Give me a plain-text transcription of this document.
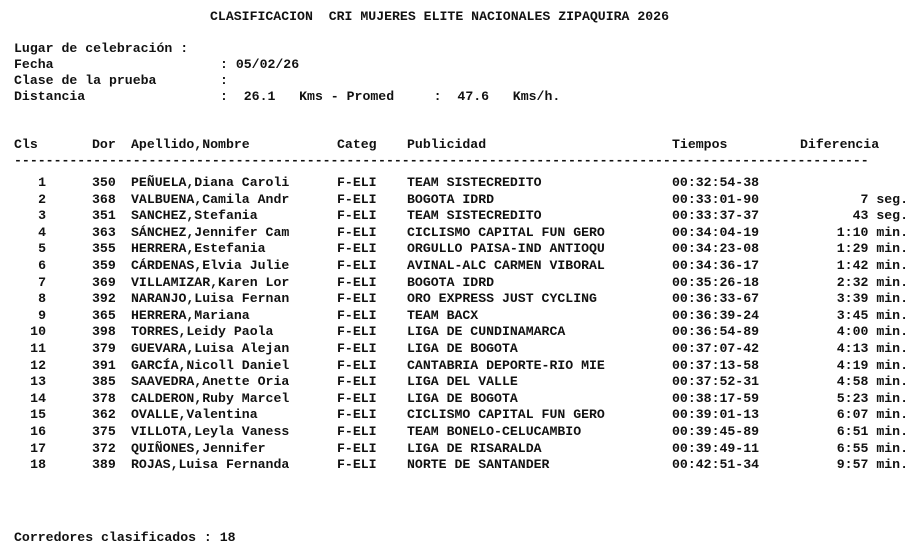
CLASIFICACION  CRI MUJERES ELITE NACIONALES ZIPAQUIRA 2026
Lugar de celebración :
Fecha	: 05/02/26
Clase de la prueba	:
Distancia	:  26.1   Kms - Promed     :  47.6   Kms/h.
Cls	Dor Apellido,Nombre	Categ Publicidad	Tiempos	Diferencia
------------------------------------------------------------------------------------------------------------
1	350 PEÑUELA,Diana Caroli	F-ELI TEAM SISTECREDITO	00:32:54-38
2	368 VALBUENA,Camila Andr	F-ELI BOGOTA IDRD	00:33:01-90	7 seg.
3	351 SANCHEZ,Stefania	F-ELI TEAM SISTECREDITO	00:33:37-37	43 seg.
4	363 SÁNCHEZ,Jennifer Cam	F-ELI CICLISMO CAPITAL FUN GERO	00:34:04-19	1:10 min.
5	355 HERRERA,Estefania	F-ELI ORGULLO PAISA-IND ANTIOQU	00:34:23-08	1:29 min.
6	359 CÁRDENAS,Elvia Julie	F-ELI AVINAL-ALC CARMEN VIBORAL	00:34:36-17	1:42 min.
7	369 VILLAMIZAR,Karen Lor	F-ELI BOGOTA IDRD	00:35:26-18	2:32 min.
8	392 NARANJO,Luisa Fernan	F-ELI ORO EXPRESS JUST CYCLING	00:36:33-67	3:39 min.
9	365 HERRERA,Mariana	F-ELI TEAM BACX	00:36:39-24	3:45 min.
10	398 TORRES,Leidy Paola	F-ELI LIGA DE CUNDINAMARCA	00:36:54-89	4:00 min.
11	379 GUEVARA,Luisa Alejan	F-ELI LIGA DE BOGOTA	00:37:07-42	4:13 min.
12	391 GARCÍA,Nicoll Daniel	F-ELI CANTABRIA DEPORTE-RIO MIE	00:37:13-58	4:19 min.
13	385 SAAVEDRA,Anette Oria	F-ELI LIGA DEL VALLE	00:37:52-31	4:58 min.
14	378 CALDERON,Ruby Marcel	F-ELI LIGA DE BOGOTA	00:38:17-59	5:23 min.
15	362 OVALLE,Valentina	F-ELI CICLISMO CAPITAL FUN GERO	00:39:01-13	6:07 min.
16	375 VILLOTA,Leyla Vaness	F-ELI TEAM BONELO-CELUCAMBIO	00:39:45-89	6:51 min.
17	372 QUIÑONES,Jennifer	F-ELI LIGA DE RISARALDA	00:39:49-11	6:55 min.
18	389 ROJAS,Luisa Fernanda	F-ELI NORTE DE SANTANDER	00:42:51-34	9:57 min.
Corredores clasificados : 18
